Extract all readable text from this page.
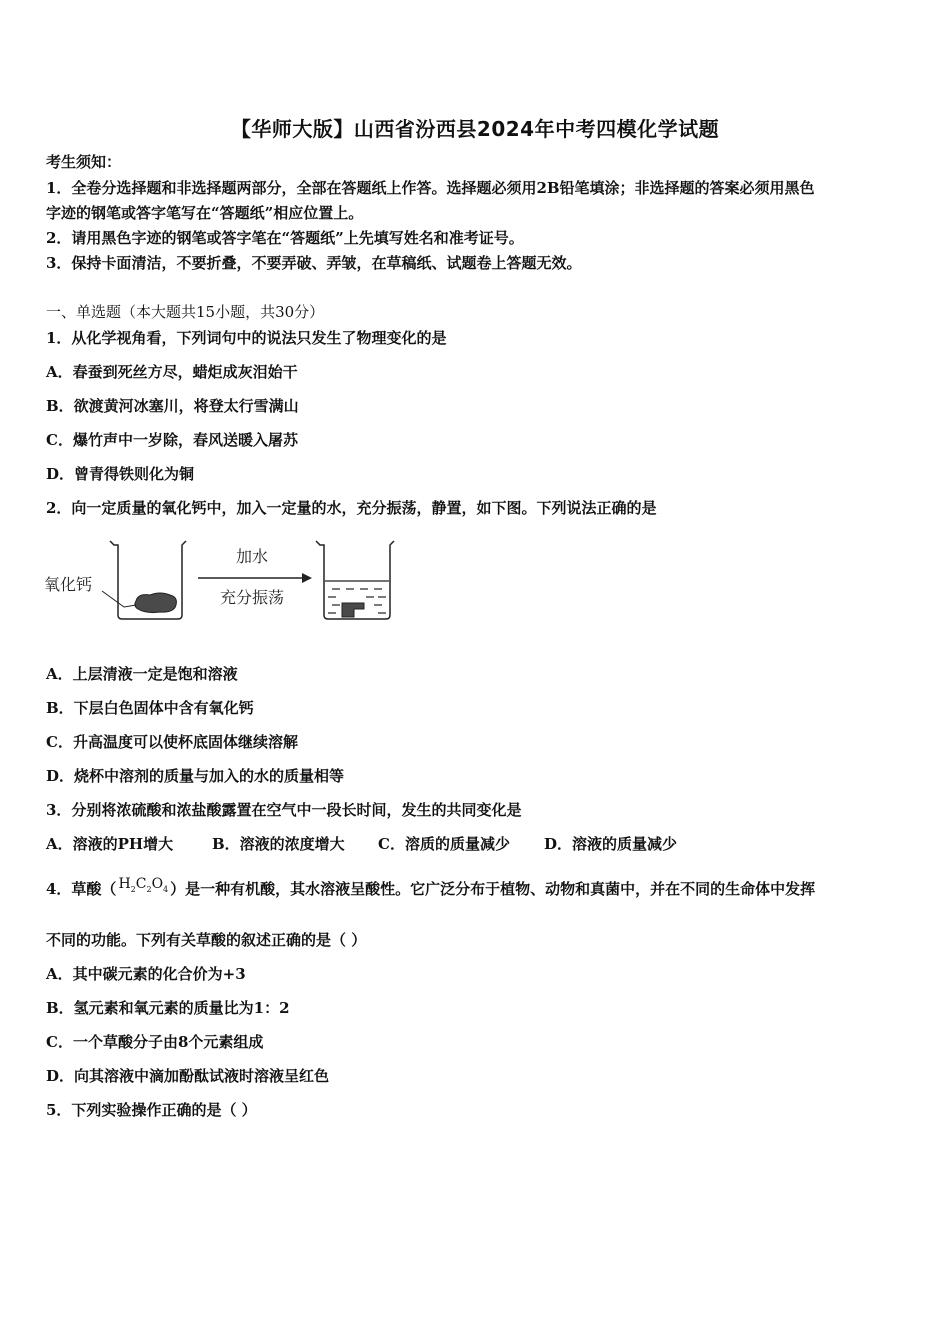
【华师大版】山西省汾西县2024年中考四模化学试题
考生须知：
1．全卷分选择题和非选择题两部分，全部在答题纸上作答。选择题必须用2B铅笔填涂；非选择题的答案必须用黑色
字迹的钢笔或答字笔写在“答题纸”相应位置上。
2．请用黑色字迹的钢笔或答字笔在“答题纸”上先填写姓名和准考证号。
3．保持卡面清洁，不要折叠，不要弄破、弄皱，在草稿纸、试题卷上答题无效。
一、单选题（本大题共15小题，共30分）
1．从化学视角看，下列词句中的说法只发生了物理变化的是
A．春蚕到死丝方尽，蜡炬成灰泪始干
B．欲渡黄河冰塞川，将登太行雪满山
C．爆竹声中一岁除，春风送暖入屠苏
D．曾青得铁则化为铜
2．向一定质量的氧化钙中，加入一定量的水，充分振荡，静置，如下图。下列说法正确的是
氧化钙
加水
充分振荡
A．上层清液一定是饱和溶液
B．下层白色固体中含有氧化钙
C．升高温度可以使杯底固体继续溶解
D．烧杯中溶剂的质量与加入的水的质量相等
3．分别将浓硫酸和浓盐酸露置在空气中一段长时间，发生的共同变化是
A．溶液的PH增大	B．溶液的浓度增大 C．溶质的质量减少 D．溶液的质量减少
4．草酸（ $H_2C_2O_4$ ）是一种有机酸，其水溶液呈酸性。它广泛分布于植物、动物和真菌中，并在不同的生命体中发挥
不同的功能。下列有关草酸的叙述正确的是（ ）
A．其中碳元素的化合价为+3
B．氢元素和氧元素的质量比为1：2
C．一个草酸分子由8个元素组成
D．向其溶液中滴加酚酞试液时溶液呈红色
5．下列实验操作正确的是（ ）
